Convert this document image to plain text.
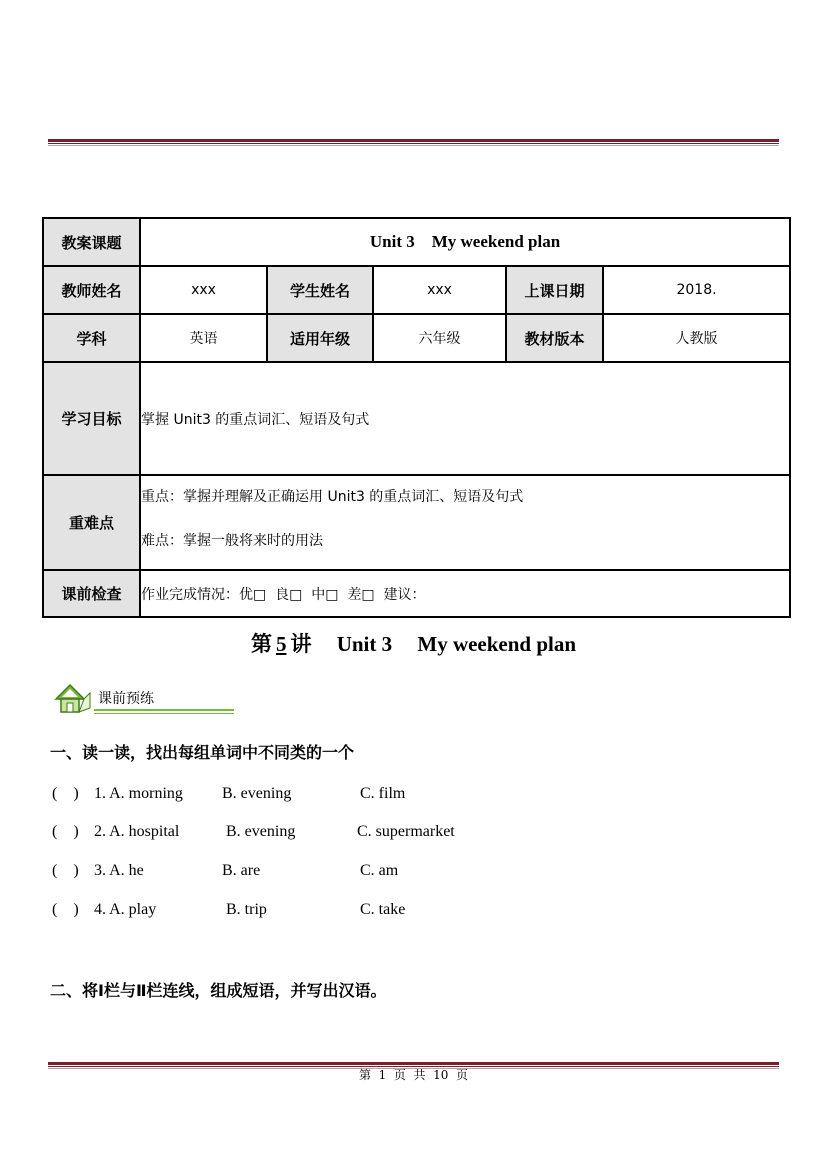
教案课题	Unit 3    My weekend plan				
教师姓名	xxx	学生姓名	xxx	上课日期	2018.
学科	英语	适用年级	六年级	教材版本	人教版
学习目标	掌握 Unit3 的重点词汇、短语及句式				
重难点	重点：掌握并理解及正确运用 Unit3 的重点词汇、短语及句式
难点：掌握一般将来时的用法				

课前检查	作业完成情况：优□  良□  中□  差□  建议：				
第 5 讲 Unit 3 My weekend plan
课前预练
一、读一读，找出每组单词中不同类的一个
(    ) 1. A. morning B. evening	C. film
(    ) 2. A. hospital	B. evening	C. supermarket
(    ) 3. A. he	B. are	C. am
(    ) 4. A. play	B. trip	C. take
二、将Ⅰ栏与Ⅱ栏连线，组成短语，并写出汉语。
第  1  页  共  10  页
